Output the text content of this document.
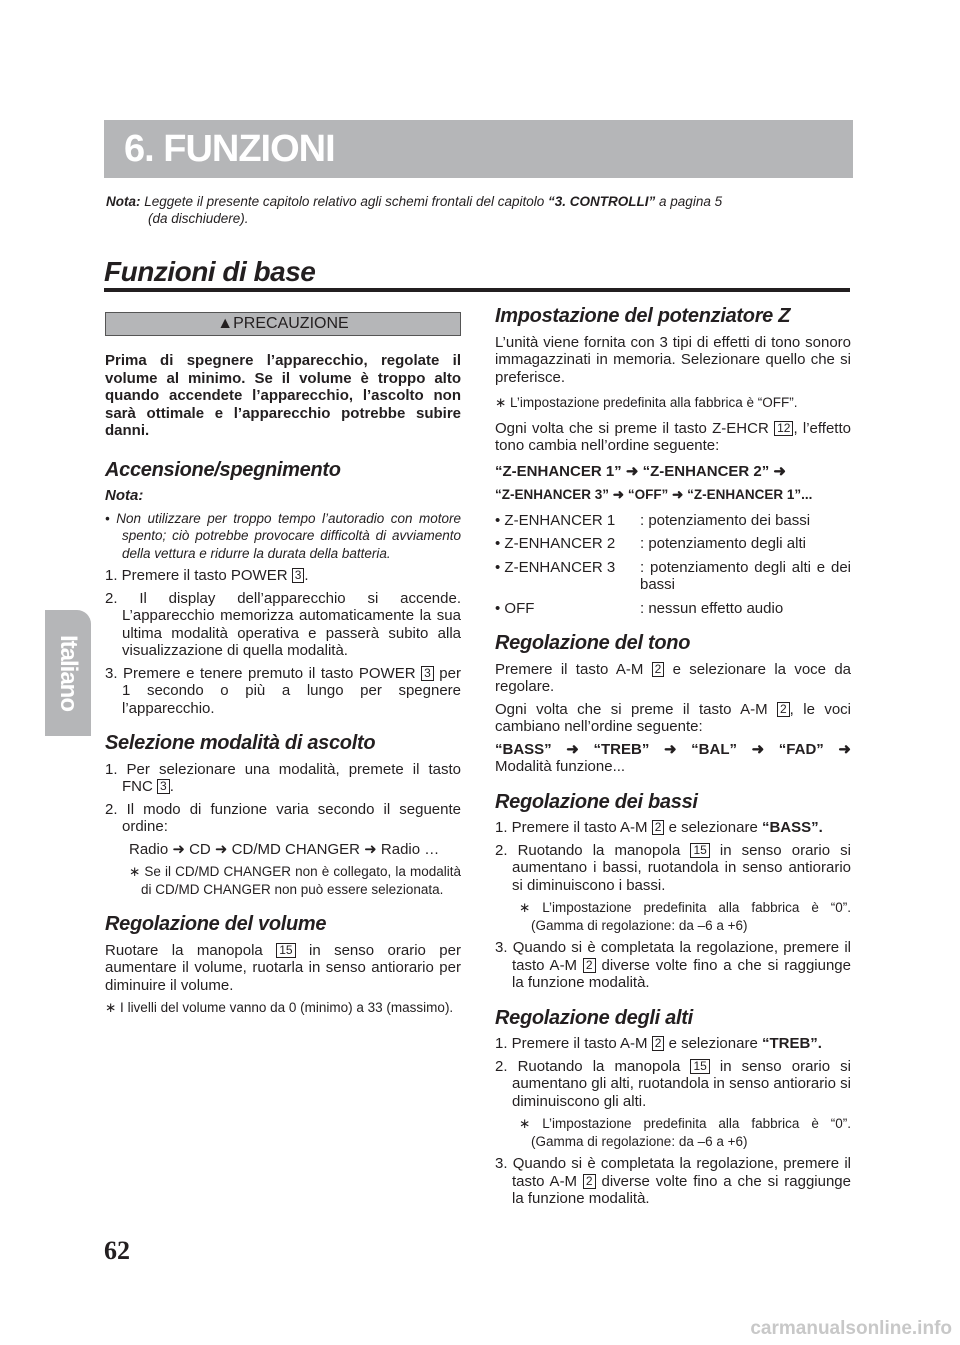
6. FUNZIONI
Nota: Leggete il presente capitolo relativo agli schemi frontali del capitolo “3. CONTROLLI” a pagina 5
(da dischiudere).
Funzioni di base
▲PRECAUZIONE
Prima di spegnere l’apparecchio, regolate il volume al minimo. Se il volume è troppo alto quando accendete l’apparecchio, l’ascolto non sarà ottimale e l’apparecchio potrebbe subire danni.
Accensione/spegnimento

Nota:

• Non utilizzare per troppo tempo l’autoradio con motore spento; ciò potrebbe provocare difficoltà di avviamento della vettura e ridurre la durata della batteria.
1. Premere il tasto POWER 3 .
2. Il display dell’apparecchio si accende. L’apparecchio memorizza automaticamente la sua ultima modalità operativa e passerà subito alla visualizzazione di quella modalità.
3. Premere e tenere premuto il tasto POWER 3 per 1 secondo o più a lungo per spegnere l’apparecchio.
Selezione modalità di ascolto
1. Per selezionare una modalità, premete il tasto FNC 3 .
2. Il modo di funzione varia secondo il seguente ordine:

Radio ➜ CD ➜ CD/MD CHANGER ➜ Radio …

∗ Se il CD/MD CHANGER non è collegato, la modalità di CD/MD CHANGER non può essere selezionata.
Regolazione del volume

Ruotare la manopola 15 in senso orario per aumentare il volume, ruotarla in senso antiorario per diminuire il volume.

∗ I livelli del volume vanno da 0 (minimo) a 33 (massimo).
Impostazione del potenziatore Z

L’unità viene fornita con 3 tipi di effetti di tono sonoro immagazzinati in memoria. Selezionare quello che si preferisce.

∗ L’impostazione predefinita alla fabbrica è “OFF”.

Ogni volta che si preme il tasto Z-EHCR 12 , l’effetto tono cambia nell’ordine seguente:

“Z-ENHANCER 1” ➜ “Z-ENHANCER 2” ➜

“Z-ENHANCER 3” ➜ “OFF” ➜ “Z-ENHANCER 1”...

• Z-ENHANCER 1	: potenziamento dei bassi
• Z-ENHANCER 2	: potenziamento degli alti
• Z-ENHANCER 3	: potenziamento degli alti e dei bassi
• OFF	: nessun effetto audio
Regolazione del tono

Premere il tasto A-M 2 e selezionare la voce da regolare.

Ogni volta che si preme il tasto A-M 2 , le voci cambiano nell’ordine seguente:

“BASS” ➜ “TREB” ➜ “BAL” ➜ “FAD” ➜

Modalità funzione...

Regolazione dei bassi
1. Premere il tasto A-M 2 e selezionare “BASS”.
2. Ruotando la manopola 15 in senso orario si aumentano i bassi, ruotandola in senso antiorario si diminuiscono i bassi.
∗ L’impostazione predefinita alla fabbrica è “0”. (Gamma di regolazione: da –6 a +6)
3. Quando si è completata la regolazione, premere il tasto A-M 2 diverse volte fino a che si raggiunge la funzione modalità.
Regolazione degli alti
1. Premere il tasto A-M 2 e selezionare “TREB”.
2. Ruotando la manopola 15 in senso orario si aumentano gli alti, ruotandola in senso antiorario si diminuiscono gli alti.
∗ L’impostazione predefinita alla fabbrica è “0”. (Gamma di regolazione: da –6 a +6)
3. Quando si è completata la regolazione, premere il tasto A-M 2 diverse volte fino a che si raggiunge la funzione modalità.
Italiano
62
carmanualsonline.info
